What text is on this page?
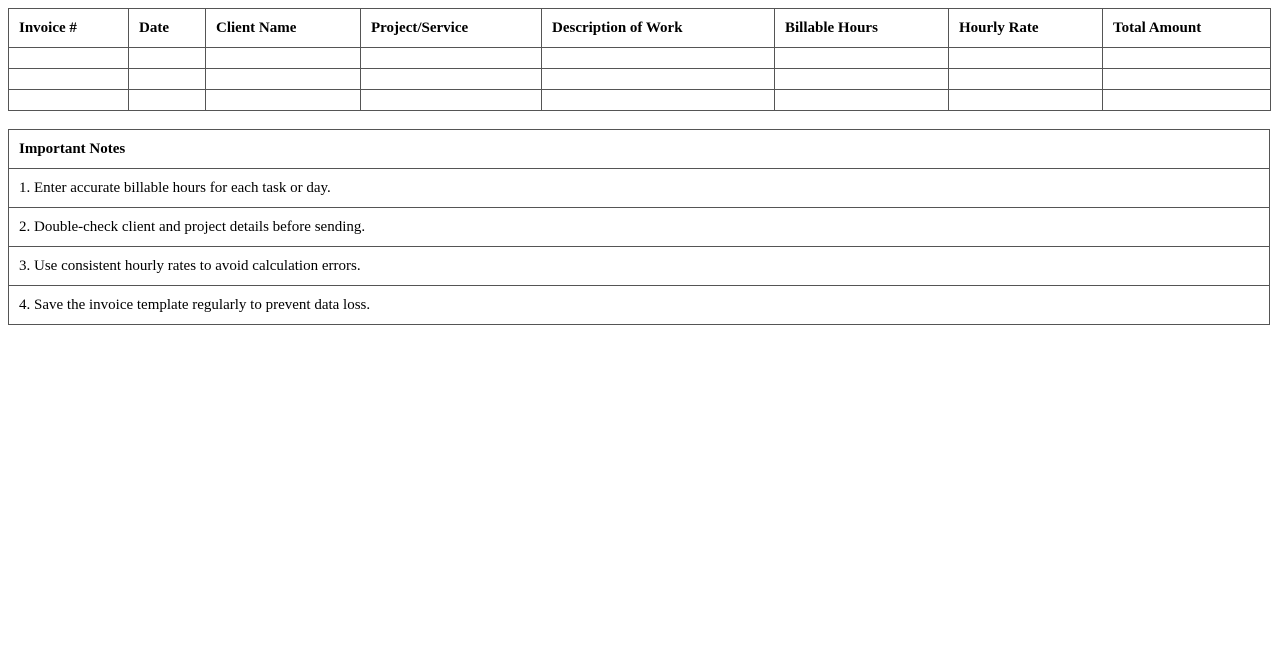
Invoice #	Date	Client Name	Project/Service	Description of Work	Billable Hours	Hourly Rate	Total Amount

Important Notes
1. Enter accurate billable hours for each task or day.
2. Double-check client and project details before sending.
3. Use consistent hourly rates to avoid calculation errors.
4. Save the invoice template regularly to prevent data loss.
